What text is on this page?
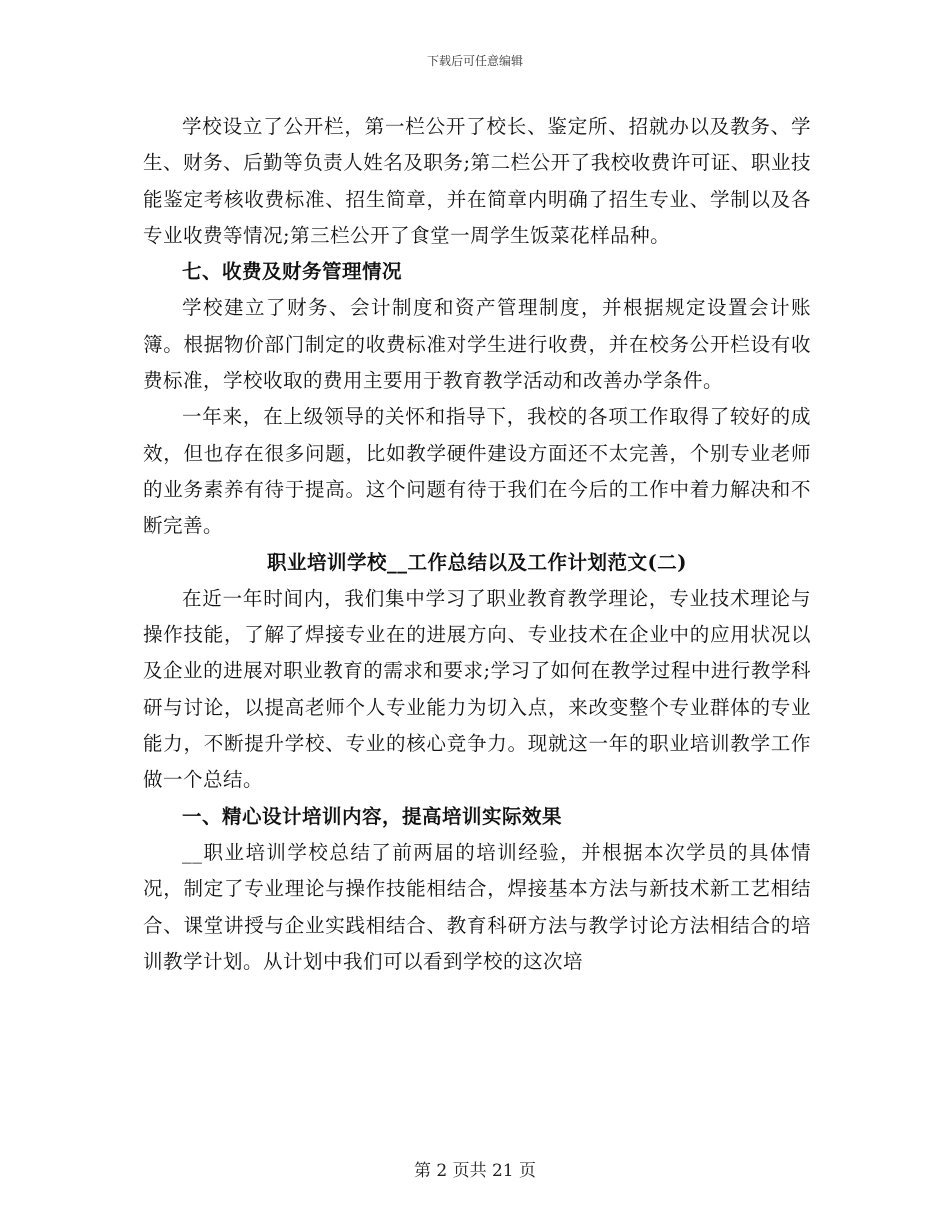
下载后可任意编辑

学校设立了公开栏，第一栏公开了校长、鉴定所、招就办以及教务、学生、财务、后勤等负责人姓名及职务;第二栏公开了我校收费许可证、职业技能鉴定考核收费标准、招生简章，并在简章内明确了招生专业、学制以及各专业收费等情况;第三栏公开了食堂一周学生饭菜花样品种。

七、收费及财务管理情况

学校建立了财务、会计制度和资产管理制度，并根据规定设置会计账簿。根据物价部门制定的收费标准对学生进行收费，并在校务公开栏设有收费标准，学校收取的费用主要用于教育教学活动和改善办学条件。

一年来，在上级领导的关怀和指导下，我校的各项工作取得了较好的成效，但也存在很多问题，比如教学硬件建设方面还不太完善，个别专业老师的业务素养有待于提高。这个问题有待于我们在今后的工作中着力解决和不断完善。

职业培训学校__工作总结以及工作计划范文(二)

在近一年时间内，我们集中学习了职业教育教学理论，专业技术理论与操作技能，了解了焊接专业在的进展方向、专业技术在企业中的应用状况以及企业的进展对职业教育的需求和要求;学习了如何在教学过程中进行教学科研与讨论，以提高老师个人专业能力为切入点，来改变整个专业群体的专业能力，不断提升学校、专业的核心竞争力。现就这一年的职业培训教学工作做一个总结。

一、精心设计培训内容，提高培训实际效果

__职业培训学校总结了前两届的培训经验，并根据本次学员的具体情况，制定了专业理论与操作技能相结合，焊接基本方法与新技术新工艺相结合、课堂讲授与企业实践相结合、教育科研方法与教学讨论方法相结合的培训教学计划。从计划中我们可以看到学校的这次培

第 2 页共 21 页
